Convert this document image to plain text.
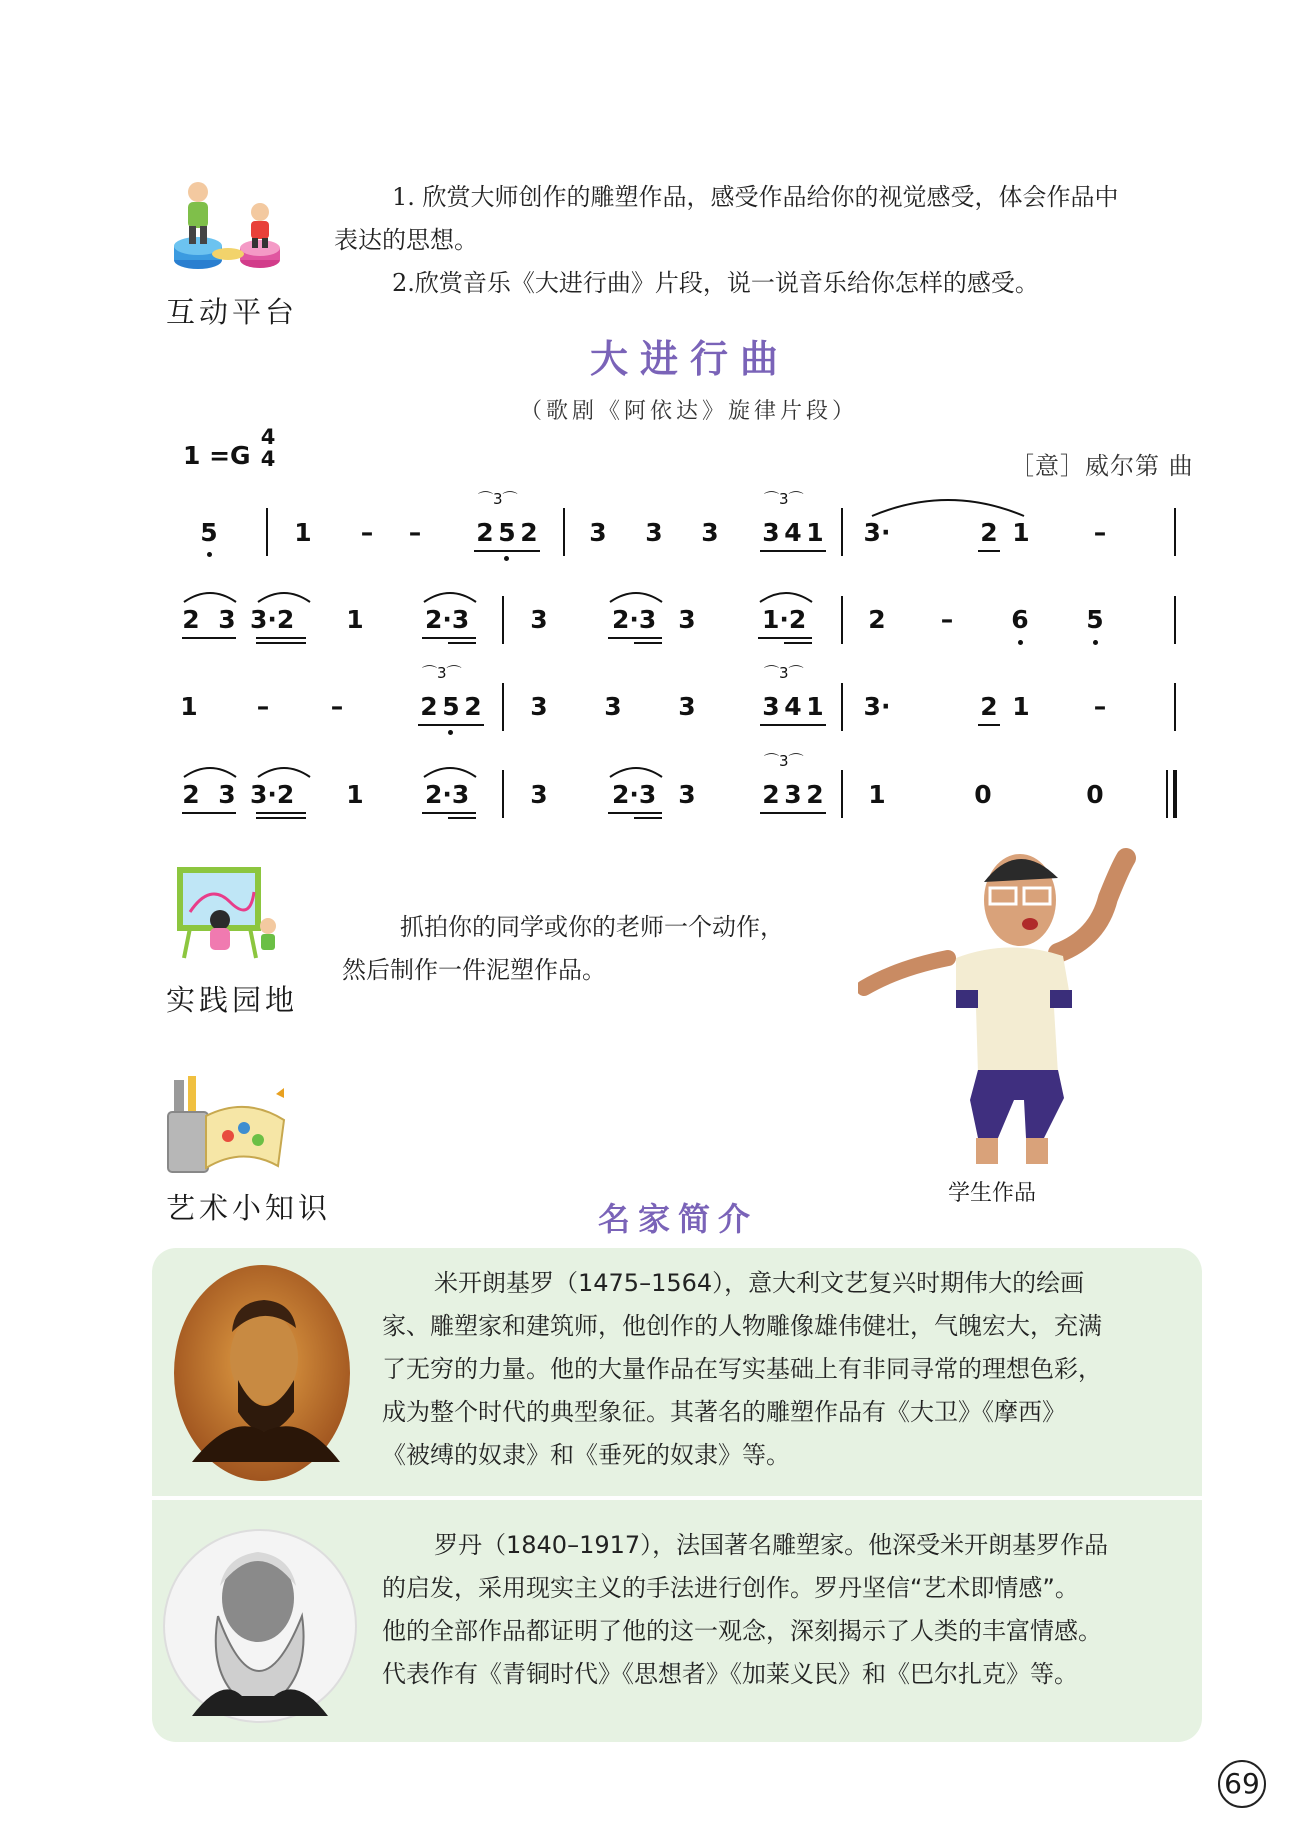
互动平台
1. 欣赏大师创作的雕塑作品，感受作品给你的视觉感受，体会作品中
表达的思想。
2.欣赏音乐《大进行曲》片段，说一说音乐给你怎样的感受。
大进行曲
（歌剧《阿依达》旋律片段）
1 =G
4
4	［意］威尔第 曲
5	1	–	–	2 5 2
⌒3⌒
3 3 3 3 4 1
⌒3⌒
3·	2 1	–
2 3 3·2 1 2·3 3	2·3 3	1·2 2	–	6 5
1	–	–	2 5 2
⌒3⌒
3 3 3	3 4 1
⌒3⌒
3·	2 1	–
2 3 3·2 1 2·3 3	2·3 3	2 3 2
⌒3⌒
1	0	0
实践园地
抓拍你的同学或你的老师一个动作，
然后制作一件泥塑作品。
学生作品
艺术小知识	名家简介
米开朗基罗（1475–1564），意大利文艺复兴时期伟大的绘画
家、雕塑家和建筑师，他创作的人物雕像雄伟健壮，气魄宏大，充满
了无穷的力量。他的大量作品在写实基础上有非同寻常的理想色彩，
成为整个时代的典型象征。其著名的雕塑作品有《大卫》《摩西》
《被缚的奴隶》和《垂死的奴隶》等。
罗丹（1840–1917），法国著名雕塑家。他深受米开朗基罗作品
的启发，采用现实主义的手法进行创作。罗丹坚信“艺术即情感”。
他的全部作品都证明了他的这一观念，深刻揭示了人类的丰富情感。
代表作有《青铜时代》《思想者》《加莱义民》和《巴尔扎克》等。
69
